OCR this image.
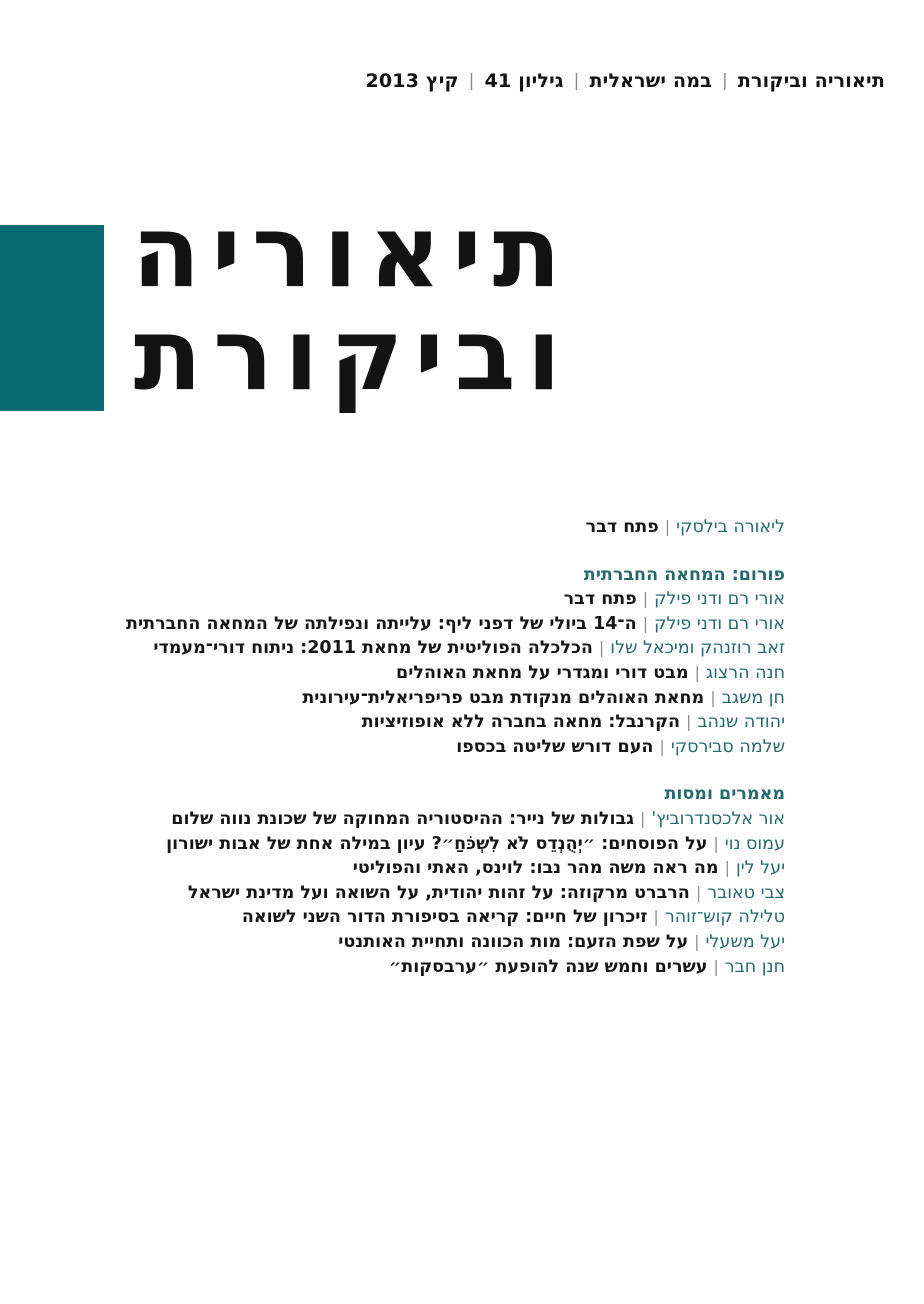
תיאוריה וביקורת|במה ישראלית|גיליון 41|קיץ 2013
תיאוריה
וביקורת
ליאורה בילסקי|פתח דבר
פורום: המחאה החברתית
אורי רם ודני פילק|פתח דבר
אורי רם ודני פילק|ה־14 ביולי של דפני ליף: עלייתה ונפילתה של המחאה החברתית
זאב רוזנהק ומיכאל שלו|הכלכלה הפוליטית של מחאת 2011: ניתוח דורי־מעמדי
חנה הרצוג|מבט דורי ומגדרי על מחאת האוהלים
חן משגב|מחאת האוהלים מנקודת מבט פריפריאלית־עירונית
יהודה שנהב|הקרנבל: מחאה בחברה ללא אופוזיציות
שלמה סבירסקי|העם דורש שליטה בכספו
מאמרים ומסות
אור אלכסנדרוביץ'|גבולות של נייר: ההיסטוריה המחוקה של שכונת נווה שלום
עמוס נוי|על הפוסחים: ״יְהֻנְדֵס לֹא לִשְׁכֹּחַ״? עיון במילה אחת של אבות ישורון
יעל לין|מה ראה משה מהר נבו: לוינס, האתי והפוליטי
צבי טאובר|הרברט מרקוזה: על זהות יהודית, על השואה ועל מדינת ישראל
טלילה קוש־זוהר|זיכרון של חיים: קריאה בסיפורת הדור השני לשואה
יעל משעלי|על שפת הזעם: מות הכוונה ותחיית האותנטי
חנן חבר|עשרים וחמש שנה להופעת ״ערבסקות״
